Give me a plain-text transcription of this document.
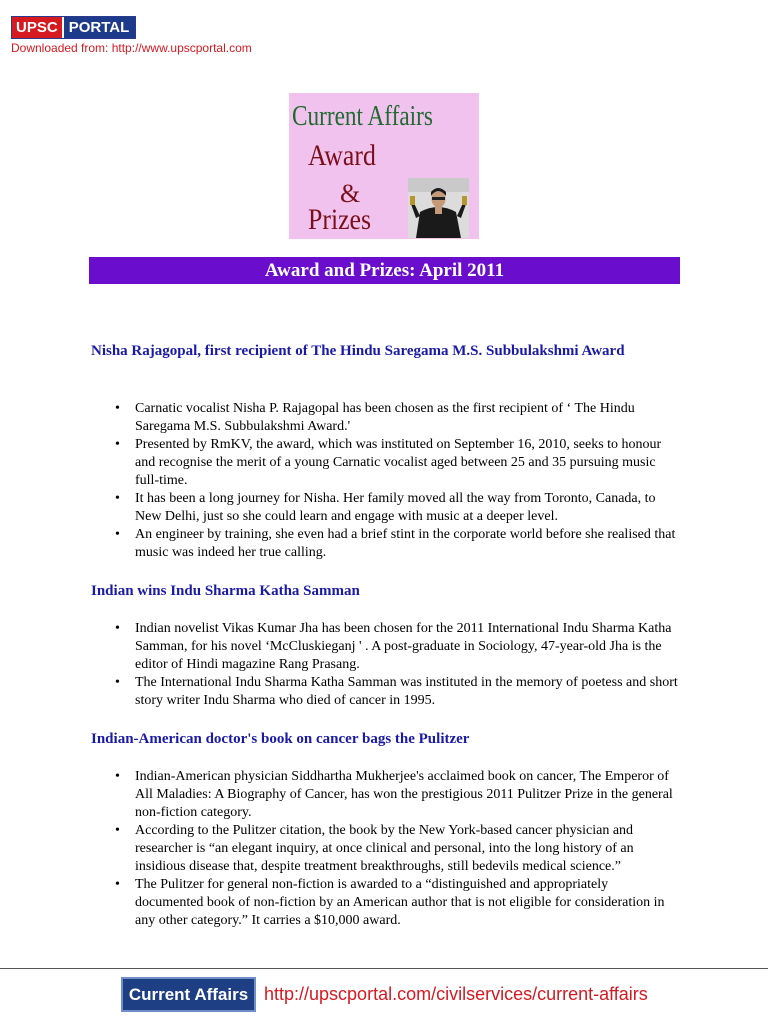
UPSC PORTAL
Downloaded from: http://www.upscportal.com
Current Affairs
Award
&
Prizes
Award and Prizes: April 2011
Nisha Rajagopal, first recipient of The Hindu Saregama M.S. Subbulakshmi Award
• Carnatic vocalist Nisha P. Rajagopal has been chosen as the first recipient of ‘ The Hindu Saregama M.S. Subbulakshmi Award.'
• Presented by RmKV, the award, which was instituted on September 16, 2010, seeks to honour and recognise the merit of a young Carnatic vocalist aged between 25 and 35 pursuing music full-time.
• It has been a long journey for Nisha. Her family moved all the way from Toronto, Canada, to New Delhi, just so she could learn and engage with music at a deeper level.
• An engineer by training, she even had a brief stint in the corporate world before she realised that music was indeed her true calling.
Indian wins Indu Sharma Katha Samman
• Indian novelist Vikas Kumar Jha has been chosen for the 2011 International Indu Sharma Katha Samman, for his novel ‘McCluskieganj ' . A post-graduate in Sociology, 47-year-old Jha is the editor of Hindi magazine Rang Prasang.
• The International Indu Sharma Katha Samman was instituted in the memory of poetess and short story writer Indu Sharma who died of cancer in 1995.
Indian-American doctor's book on cancer bags the Pulitzer
• Indian-American physician Siddhartha Mukherjee's acclaimed book on cancer, The Emperor of All Maladies: A Biography of Cancer, has won the prestigious 2011 Pulitzer Prize in the general non-fiction category.
• According to the Pulitzer citation, the book by the New York-based cancer physician and researcher is “an elegant inquiry, at once clinical and personal, into the long history of an insidious disease that, despite treatment breakthroughs, still bedevils medical science.”
• The Pulitzer for general non-fiction is awarded to a “distinguished and appropriately documented book of non-fiction by an American author that is not eligible for consideration in any other category.” It carries a $10,000 award.
Current Affairs http://upscportal.com/civilservices/current-affairs
